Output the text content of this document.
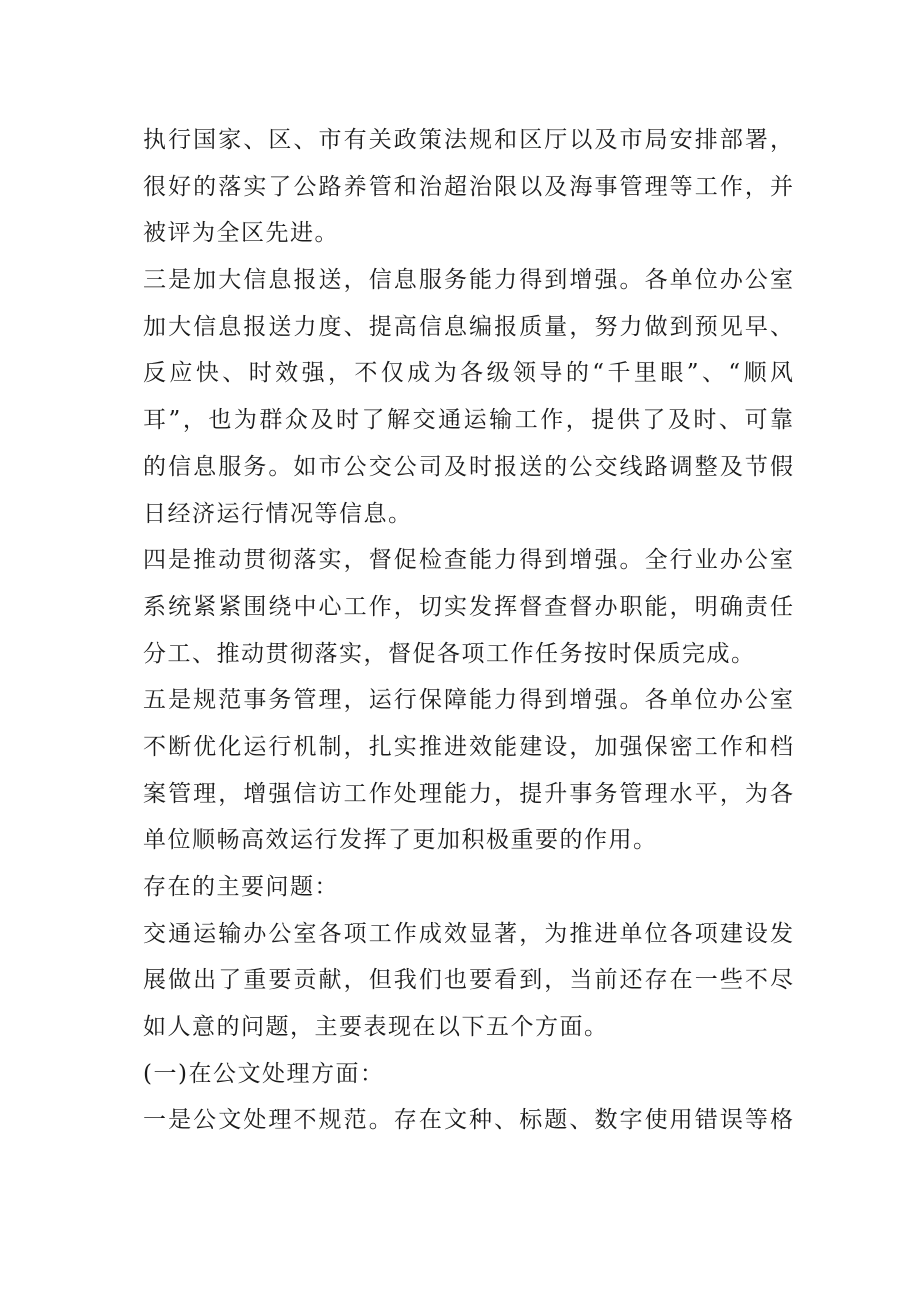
执行国家、区、市有关政策法规和区厅以及市局安排部署，
很好的落实了公路养管和治超治限以及海事管理等工作，并
被评为全区先进。
三是加大信息报送，信息服务能力得到增强。各单位办公室
加大信息报送力度、提高信息编报质量，努力做到预见早、
反应快、时效强，不仅成为各级领导的“千里眼”、“顺风
耳”，也为群众及时了解交通运输工作，提供了及时、可靠
的信息服务。如市公交公司及时报送的公交线路调整及节假
日经济运行情况等信息。
四是推动贯彻落实，督促检查能力得到增强。全行业办公室
系统紧紧围绕中心工作，切实发挥督查督办职能，明确责任
分工、推动贯彻落实，督促各项工作任务按时保质完成。
五是规范事务管理，运行保障能力得到增强。各单位办公室
不断优化运行机制，扎实推进效能建设，加强保密工作和档
案管理，增强信访工作处理能力，提升事务管理水平，为各
单位顺畅高效运行发挥了更加积极重要的作用。
存在的主要问题：
交通运输办公室各项工作成效显著，为推进单位各项建设发
展做出了重要贡献，但我们也要看到，当前还存在一些不尽
如人意的问题，主要表现在以下五个方面。
(一)在公文处理方面：
一是公文处理不规范。存在文种、标题、数字使用错误等格
